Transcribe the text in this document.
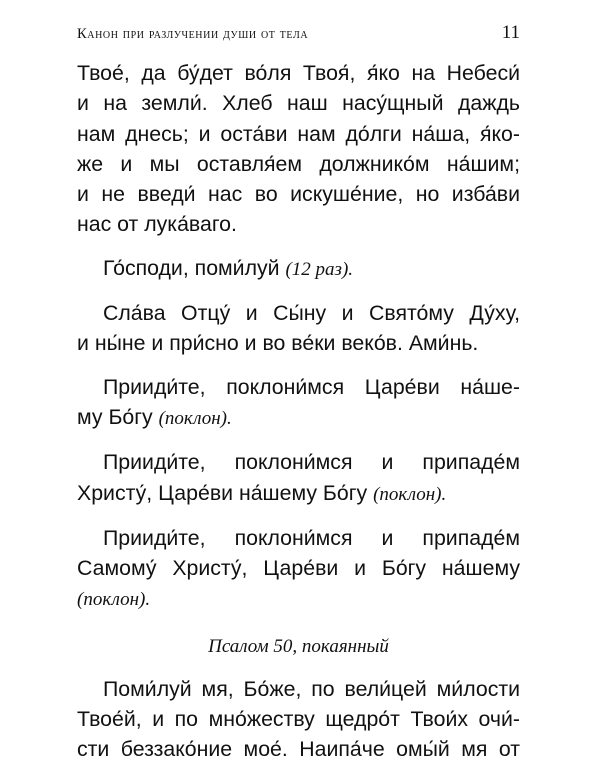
Канон при разлучении души от тела	11

Твое́, да бу́дет во́ля Твоя́, я́ко на Небеси́
и на земли́. Хлеб наш насу́щный даждь
нам днесь; и оста́ви нам до́лги на́ша, я́ко-
же и мы оставля́ем должнико́м на́шим;
и не введи́ нас во искуше́ние, но изба́ви
нас от лука́ваго.

Го́споди, поми́луй (12 раз).

Сла́ва Отцу́ и Сы́ну и Свято́му Ду́ху,
и ны́не и при́сно и во ве́ки веко́в. Ами́нь.

Прииди́те, поклони́мся Царе́ви на́ше-
му Бо́гу (поклон).

Прииди́те, поклони́мся и припаде́м
Христу́, Царе́ви на́шему Бо́гу (поклон).

Прииди́те, поклони́мся и припаде́м
Самому́ Христу́, Царе́ви и Бо́гу на́шему
(поклон).

Псалом 50, покаянный

Поми́луй мя, Бо́же, по вели́цей ми́лости
Твое́й, и по мно́жеству щедро́т Твои́х очи́-
сти беззако́ние мое́. Наипа́че омы́й мя от
